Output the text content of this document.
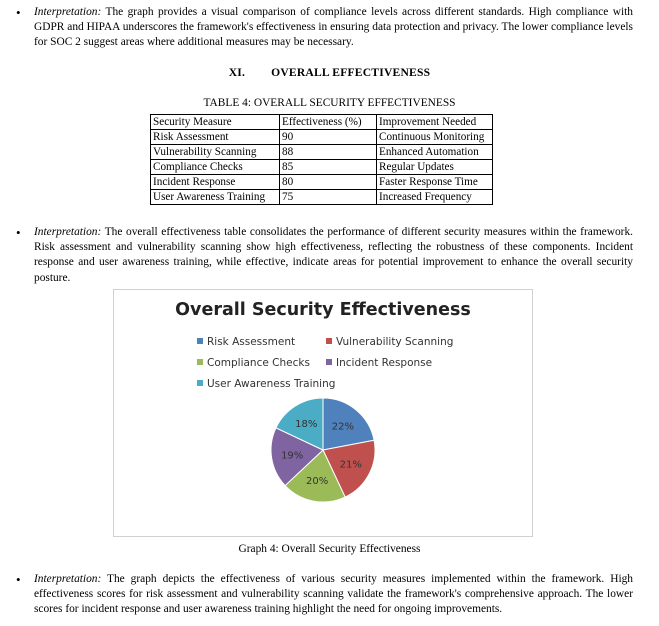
• Interpretation: The graph provides a visual comparison of compliance levels across different standards. High compliance with GDPR and HIPAA underscores the framework's effectiveness in ensuring data protection and privacy. The lower compliance levels for SOC 2 suggest areas where additional measures may be necessary.

XI. OVERALL EFFECTIVENESS
TABLE 4: OVERALL SECURITY EFFECTIVENESS
Security Measure	Effectiveness (%)	Improvement Needed
Risk Assessment	90	Continuous Monitoring
Vulnerability Scanning	88	Enhanced Automation
Compliance Checks	85	Regular Updates
Incident Response	80	Faster Response Time
User Awareness Training	75	Increased Frequency
• Interpretation: The overall effectiveness table consolidates the performance of different security measures within the framework. Risk assessment and vulnerability scanning show high effectiveness, reflecting the robustness of these components. Incident response and user awareness training, while effective, indicate areas for potential improvement to enhance the overall security posture.

Overall Security Effectiveness
Risk Assessment	Vulnerability Scanning
Compliance Checks	Incident Response
User Awareness Training
22%
21%
20%
19%
18%
Graph 4: Overall Security Effectiveness
• Interpretation: The graph depicts the effectiveness of various security measures implemented within the framework. High effectiveness scores for risk assessment and vulnerability scanning validate the framework's comprehensive approach. The lower scores for incident response and user awareness training highlight the need for ongoing improvements.
